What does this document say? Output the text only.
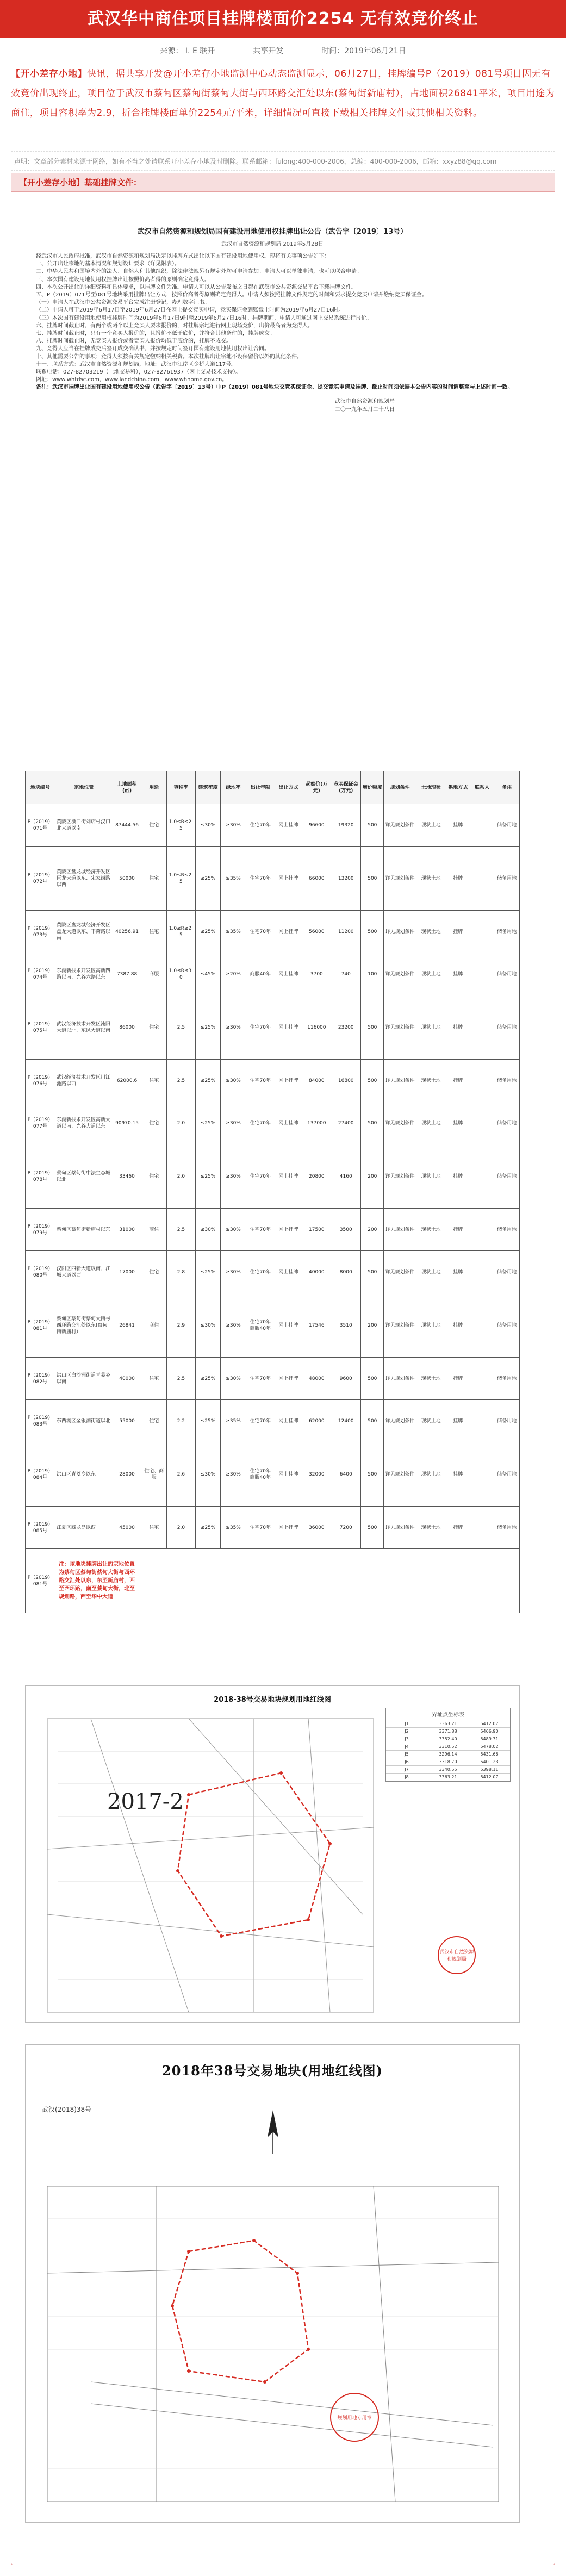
武汉华中商住项目挂牌楼面价2254 无有效竞价终止
来源： I. E 联开	共享开发	时间：2019年06月21日
【开小差存小地】快讯，据共享开发@开小差存小地监测中心动态监测显示，06月27日，挂牌编号P（2019）081号项目因无有效竞价出现终止，项目位于武汉市蔡甸区蔡甸街蔡甸大街与西环路交汇处以东(蔡甸街新庙村），占地面积26841平米，项目用途为商住，项目容积率为2.9，折合挂牌楼面单价2254元/平米，详细情况可直接下载相关挂牌文件或其他相关资料。
声明：文章部分素材来源于网络，如有不当之处请联系开小差存小地及时删除。联系邮箱：fulong:400-000-2006，总编：400-000-2006，邮箱：xxyz88@qq.com
【开小差存小地】基础挂牌文件：
武汉市自然资源和规划局国有建设用地使用权挂牌出让公告（武告字〔2019〕13号）
武汉市自然资源和规划局 2019年5月28日

经武汉市人民政府批准，武汉市自然资源和规划局决定以挂牌方式出让以下国有建设用地使用权。现将有关事项公告如下：

一、公开出让宗地的基本情况和规划设计要求（详见附表）。

二、中华人民共和国境内外的法人、自然人和其他组织，除法律法规另有规定外均可申请参加。申请人可以单独申请，也可以联合申请。

三、本次国有建设用地使用权挂牌出让按照价高者得的原则确定竞得人。

四、本次公开出让的详细资料和具体要求，以挂牌文件为准。申请人可以从公告发布之日起在武汉市公共资源交易平台下载挂牌文件。

五、P（2019）071号至081号地块采用挂牌出让方式，按照价高者得原则确定竞得人。申请人须按照挂牌文件规定的时间和要求提交竞买申请并缴纳竞买保证金。

（一）申请人在武汉市公共资源交易平台完成注册登记，办理数字证书。

（二）申请人可于2019年6月17日至2019年6月27日在网上提交竞买申请，竞买保证金到账截止时间为2019年6月27日16时。

（三）本次国有建设用地使用权挂牌时间为2019年6月17日9时至2019年6月27日16时。挂牌期间，申请人可通过网上交易系统进行报价。

六、挂牌时间截止时，有两个或两个以上竞买人要求报价的，对挂牌宗地进行网上现场竞价，出价最高者为竞得人。

七、挂牌时间截止时，只有一个竞买人报价的，且报价不低于底价，并符合其他条件的，挂牌成交。

八、挂牌时间截止时，无竞买人报价或者竞买人报价均低于底价的，挂牌不成交。

九、竞得人应当在挂牌成交后签订成交确认书，并按规定时间签订国有建设用地使用权出让合同。

十、其他需要公告的事项：竞得人须按有关规定缴纳相关税费。本次挂牌出让宗地不设保留价以外的其他条件。

十一、联系方式：武汉市自然资源和规划局，地址：武汉市江岸区金桥大道117号。

联系电话：027-82703219（土地交易科），027-82761937（网上交易技术支持）。

网址：www.whtdsc.com，www.landchina.com，www.whhome.gov.cn。

备注：武汉市挂牌出让国有建设用地使用权公告（武告字〔2019〕13号）中P（2019）081号地块交竞买保证金、提交竞买申请及挂牌、截止时间须依据本公告内容的时间调整至与上述时间一致。

武汉市自然资源和规划局
二〇一九年五月二十八日
地块编号	宗地位置	土地面积(㎡)	用途	容积率	建筑密度	绿地率	出让年限	出让方式	起始价(万元)	竞买保证金(万元)	增价幅度	规划条件	土地现状	供地方式	联系人	备注
P（2019）071号	黄陂区滠口街刘店村汉口北大道以南	87444.56	住宅	1.0≤R≤2.5	≤30%	≥30%	住宅70年	网上挂牌	96600	19320	500	详见规划条件	现状土地	挂牌		储备用地
P（2019）072号	黄陂区盘龙城经济开发区巨龙大道以东、宋家岗路以西	50000	住宅	1.0≤R≤2.5	≤25%	≥35%	住宅70年	网上挂牌	66000	13200	500	详见规划条件	现状土地	挂牌		储备用地
P（2019）073号	黄陂区盘龙城经济开发区盘龙大道以东、丰荷路以南	40256.91	住宅	1.0≤R≤2.5	≤25%	≥35%	住宅70年	网上挂牌	56000	11200	500	详见规划条件	现状土地	挂牌		储备用地
P（2019）074号	东湖新技术开发区高新四路以南、光谷六路以东	7387.88	商服	1.0≤R≤3.0	≤45%	≥20%	商服40年	网上挂牌	3700	740	100	详见规划条件	现状土地	挂牌		储备用地
P（2019）075号	武汉经济技术开发区沌阳大道以北、东风大道以南	86000	住宅	2.5	≤25%	≥30%	住宅70年	网上挂牌	116000	23200	500	详见规划条件	现状土地	挂牌		储备用地
P（2019）076号	武汉经济技术开发区川江池路以西	62000.6	住宅	2.5	≤25%	≥30%	住宅70年	网上挂牌	84000	16800	500	详见规划条件	现状土地	挂牌		储备用地
P（2019）077号	东湖新技术开发区高新大道以南、光谷大道以东	90970.15	住宅	2.0	≤25%	≥30%	住宅70年	网上挂牌	137000	27400	500	详见规划条件	现状土地	挂牌		储备用地
P（2019）078号	蔡甸区蔡甸街中法生态城以北	33460	住宅	2.0	≤25%	≥30%	住宅70年	网上挂牌	20800	4160	200	详见规划条件	现状土地	挂牌		储备用地
P（2019）079号	蔡甸区蔡甸街新庙村以东	31000	商住	2.5	≤30%	≥30%	住宅70年	网上挂牌	17500	3500	200	详见规划条件	现状土地	挂牌		储备用地
P（2019）080号	汉阳区四新大道以南、江城大道以西	17000	住宅	2.8	≤25%	≥30%	住宅70年	网上挂牌	40000	8000	500	详见规划条件	现状土地	挂牌		储备用地
P（2019）081号	蔡甸区蔡甸街蔡甸大街与西环路交汇处以东(蔡甸街新庙村）	26841	商住	2.9	≤30%	≥30%	住宅70年 商服40年	网上挂牌	17546	3510	200	详见规划条件	现状土地	挂牌		储备用地
P（2019）082号	洪山区白沙洲街道青菱乡以南	40000	住宅	2.5	≤25%	≥30%	住宅70年	网上挂牌	48000	9600	500	详见规划条件	现状土地	挂牌		储备用地
P（2019）083号	东西湖区金银湖街道以北	55000	住宅	2.2	≤25%	≥35%	住宅70年	网上挂牌	62000	12400	500	详见规划条件	现状土地	挂牌		储备用地
P（2019）084号	洪山区青菱乡以东	28000	住宅、商服	2.6	≤30%	≥30%	住宅70年 商服40年	网上挂牌	32000	6400	500	详见规划条件	现状土地	挂牌		储备用地
P（2019）085号	江夏区藏龙岛以西	45000	住宅	2.0	≤25%	≥35%	住宅70年	网上挂牌	36000	7200	500	详见规划条件	现状土地	挂牌		储备用地
P（2019）081号	注：该地块挂牌出让的宗地位置为蔡甸区蔡甸街蔡甸大街与西环路交汇处以东，东至新庙村，西至西环路，南至蔡甸大街，北至规划路，西至华中大道															
2018-38号交易地块规划用地红线图
2017-2
界址点坐标表
J1	3363.21	5412.07
J2	3371.88	5466.90
J3	3352.40	5489.31
J4	3310.52	5478.02
J5	3296.14	5431.66
J6	3318.70	5401.23
J7	3340.55	5398.11
J8	3363.21	5412.07
武汉市自然资源和规划局
2018年38号交易地块(用地红线图)
武汉(2018)38号
规划用地专用章
